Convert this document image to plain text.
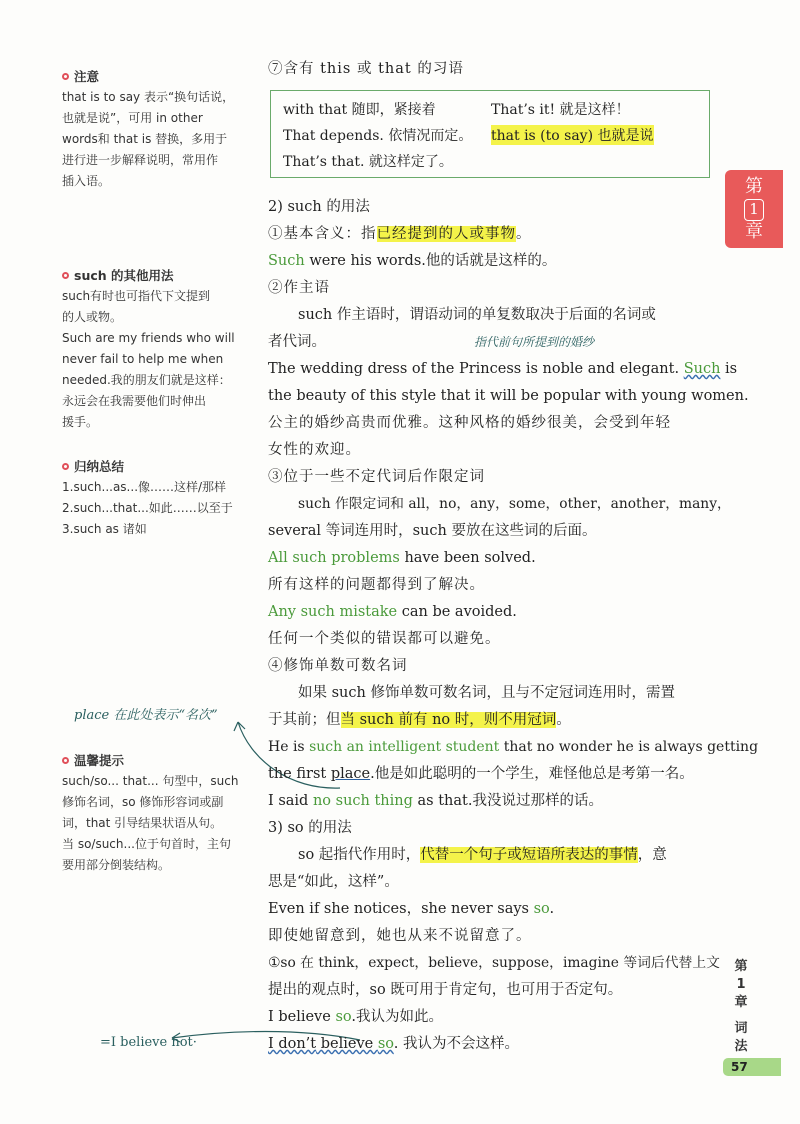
注意
that is to say 表示“换句话说，
也就是说”，可用 in other
words和 that is 替换，多用于
进行进一步解释说明，常用作
插入语。
such 的其他用法
such有时也可指代下文提到
的人或物。
Such are my friends who will
never fail to help me when
needed.我的朋友们就是这样：
永远会在我需要他们时伸出
援手。
归纳总结
1.such...as...像……这样/那样
2.such...that...如此……以至于
3.such as 诸如
place 在此处表示“名次”
温馨提示
such/so... that... 句型中，such
修饰名词，so 修饰形容词或副
词，that 引导结果状语从句。
当 so/such...位于句首时，主句
要用部分倒装结构。
=I believe not·
⑦含有 this 或 that 的习语
with that 随即，紧接着	That’s it! 就是这样！
That depends. 依情况而定。 that is (to say) 也就是说
That’s that. 就这样定了。
2) such 的用法
①基本含义：指已经提到的人或事物。
Such were his words.他的话就是这样的。
②作主语
such 作主语时，谓语动词的单复数取决于后面的名词或
者代词。	指代前句所提到的婚纱
The wedding dress of the Princess is noble and elegant. Such is
the beauty of this style that it will be popular with young women.
公主的婚纱高贵而优雅。这种风格的婚纱很美，会受到年轻
女性的欢迎。
③位于一些不定代词后作限定词
such 作限定词和 all，no，any，some，other，another，many，
several 等词连用时，such 要放在这些词的后面。
All such problems have been solved.
所有这样的问题都得到了解决。
Any such mistake can be avoided.
任何一个类似的错误都可以避免。
④修饰单数可数名词
如果 such 修饰单数可数名词，且与不定冠词连用时，需置
于其前；但当 such 前有 no 时，则不用冠词。
He is such an intelligent student that no wonder he is always getting
the first place.他是如此聪明的一个学生，难怪他总是考第一名。
I said no such thing as that.我没说过那样的话。
3) so 的用法
so 起指代作用时，代替一个句子或短语所表达的事情，意
思是“如此，这样”。
Even if she notices，she never says so.
即使她留意到，她也从来不说留意了。
①so 在 think，expect，believe，suppose，imagine 等词后代替上文
提出的观点时，so 既可用于肯定句，也可用于否定句。
I believe so.我认为如此。
I don’t believe so. 我认为不会这样。
第
1
章
第
1
章
词
法
57
